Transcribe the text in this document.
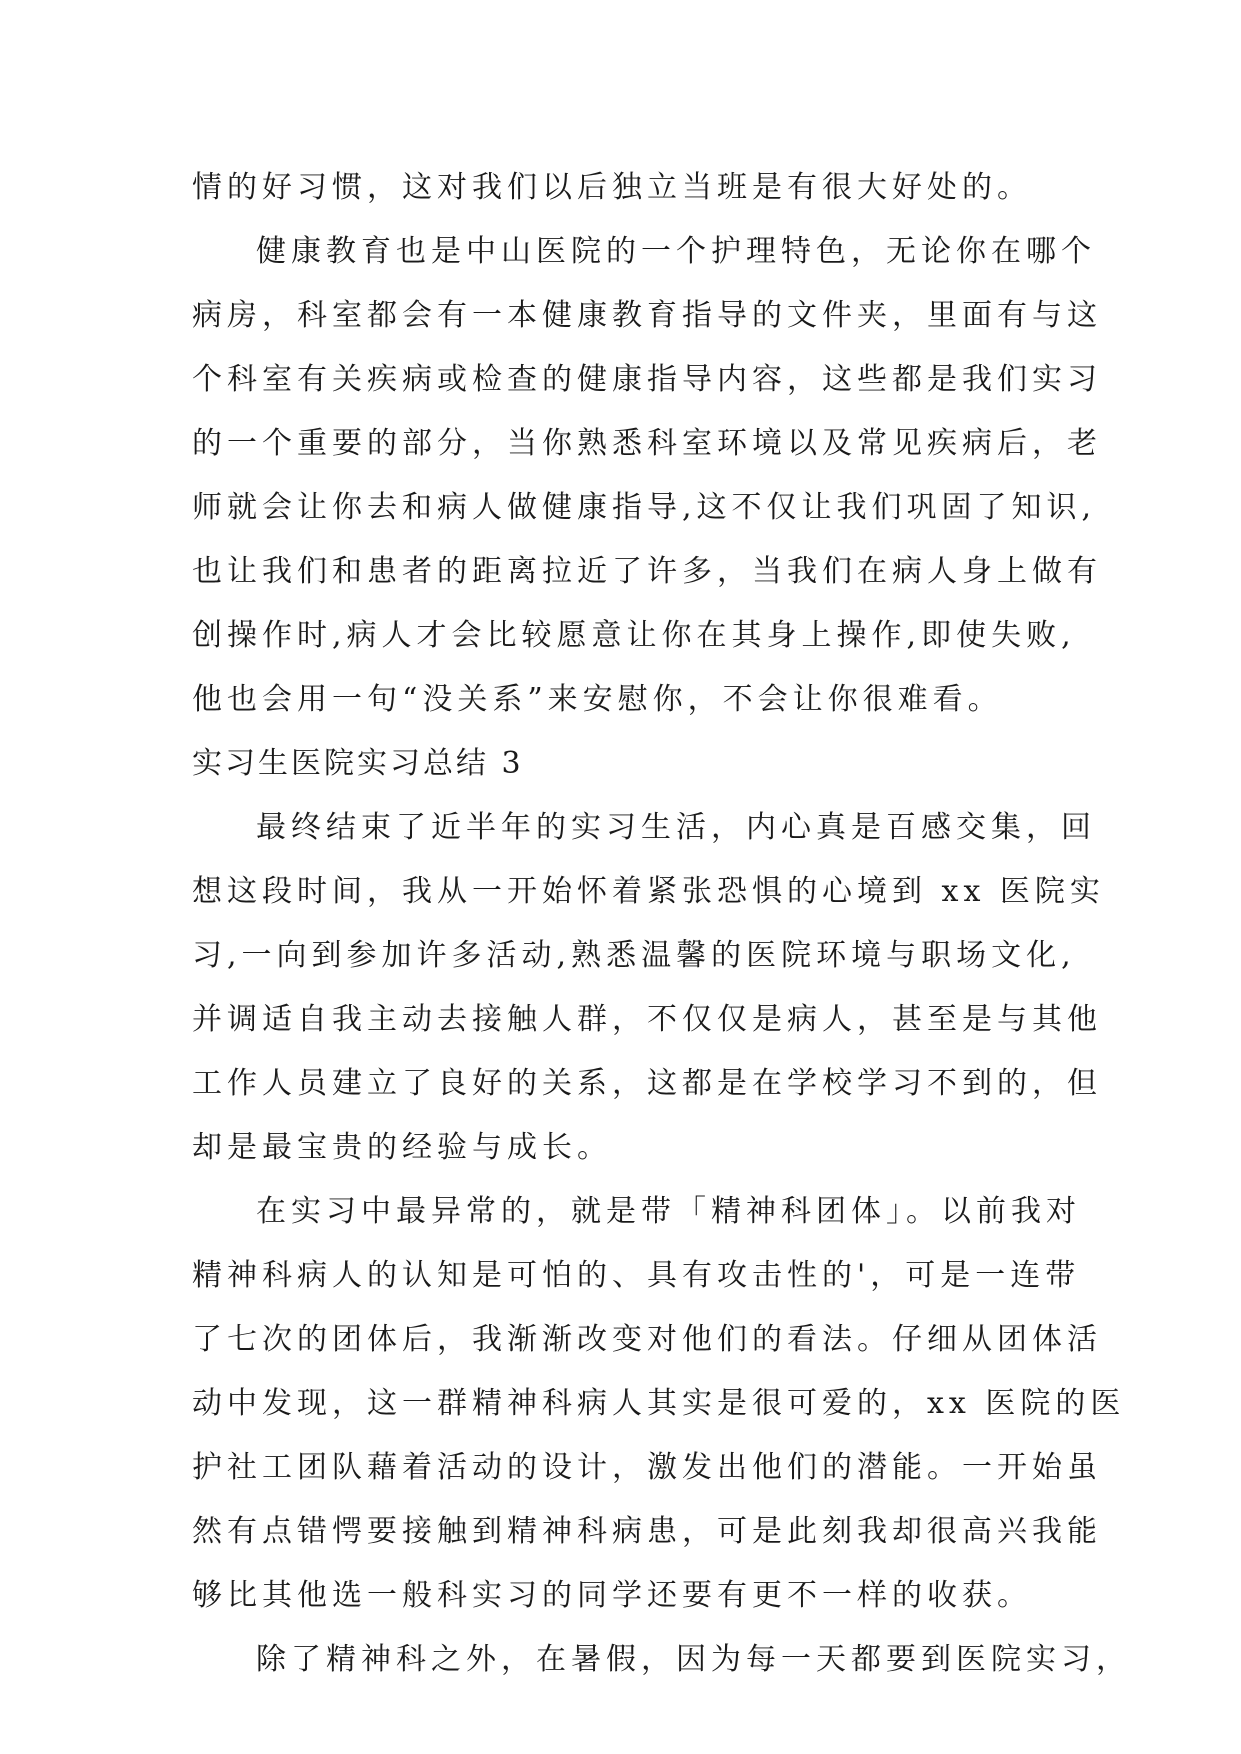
情的好习惯，这对我们以后独立当班是有很大好处的。
健康教育也是中山医院的一个护理特色，无论你在哪个
病房，科室都会有一本健康教育指导的文件夹，里面有与这
个科室有关疾病或检查的健康指导内容，这些都是我们实习
的一个重要的部分，当你熟悉科室环境以及常见疾病后，老
师就会让你去和病人做健康指导,这不仅让我们巩固了知识,
也让我们和患者的距离拉近了许多，当我们在病人身上做有
创操作时,病人才会比较愿意让你在其身上操作,即使失败,
他也会用一句“没关系”来安慰你，不会让你很难看。
实习生医院实习总结 3
最终结束了近半年的实习生活，内心真是百感交集，回
想这段时间，我从一开始怀着紧张恐惧的心境到 xx 医院实
习,一向到参加许多活动,熟悉温馨的医院环境与职场文化,
并调适自我主动去接触人群，不仅仅是病人，甚至是与其他
工作人员建立了良好的关系，这都是在学校学习不到的，但
却是最宝贵的经验与成长。
在实习中最异常的，就是带「精神科团体」。以前我对
精神科病人的认知是可怕的、具有攻击性的'，可是一连带
了七次的团体后，我渐渐改变对他们的看法。仔细从团体活
动中发现，这一群精神科病人其实是很可爱的，xx 医院的医
护社工团队藉着活动的设计，激发出他们的潜能。一开始虽
然有点错愕要接触到精神科病患，可是此刻我却很高兴我能
够比其他选一般科实习的同学还要有更不一样的收获。
除了精神科之外，在暑假，因为每一天都要到医院实习，
